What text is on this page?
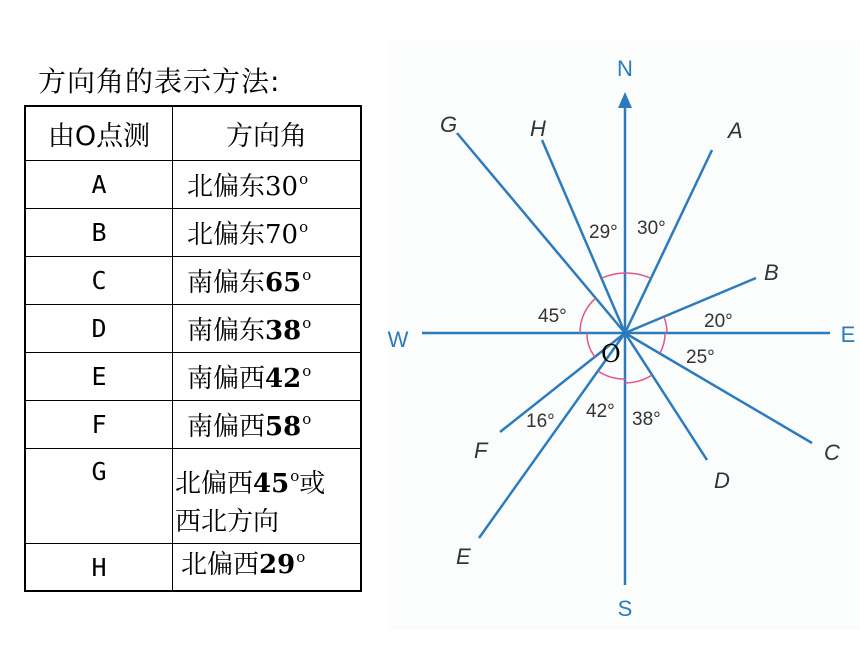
方向角的表示方法:
由O点测	方向角
A	北偏东30$^o$
B	北偏东70$^o$
C	南偏东65$^o$
D	南偏东38$^o$
E	南偏西42$^o$
F	南偏西58$^o$
G	北偏西45$^o$或
西北方向
H	北偏西29$^o$
N
S
E
W
A
B
C
D
E
F
G	H
29° 30°
20°
25°
45°
16° 42° 38°
O
